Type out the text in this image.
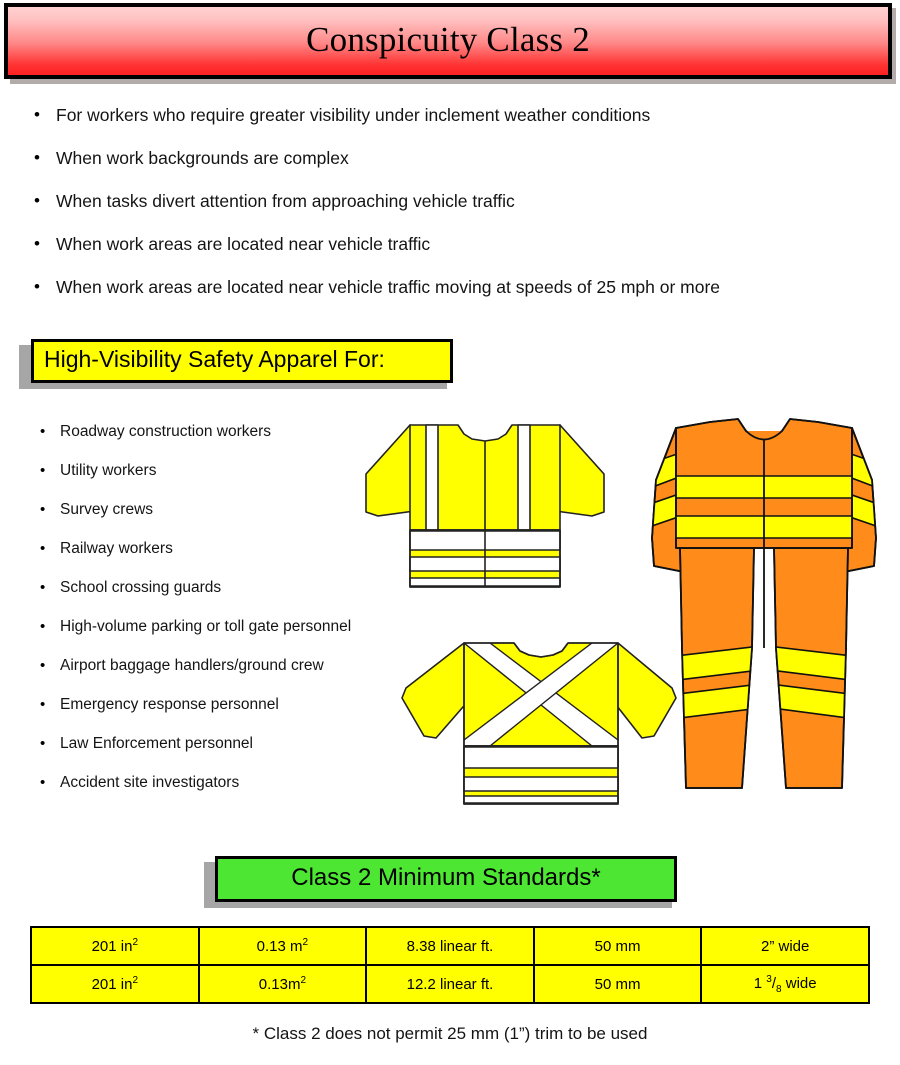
Conspicuity Class 2
• For workers who require greater visibility under inclement weather conditions
• When work backgrounds are complex
• When tasks divert attention from approaching vehicle traffic
• When work areas are located near vehicle traffic
• When work areas are located near vehicle traffic moving at speeds of 25 mph or more
High-Visibility Safety Apparel For:
• Roadway construction workers
• Utility workers
• Survey crews
• Railway workers
• School crossing guards
• High-volume parking or toll gate personnel
• Airport baggage handlers/ground crew
• Emergency response personnel
• Law Enforcement personnel
• Accident site investigators
Class 2 Minimum Standards*
201 $in^2$	0.13 $m^2$	8.38 linear ft.	50 mm	2” wide
201 $in^2$	$0.13m^2$	12.2 linear ft.	50 mm	1 $^3/_8$ wide
* Class 2 does not permit 25 mm (1”) trim to be used
